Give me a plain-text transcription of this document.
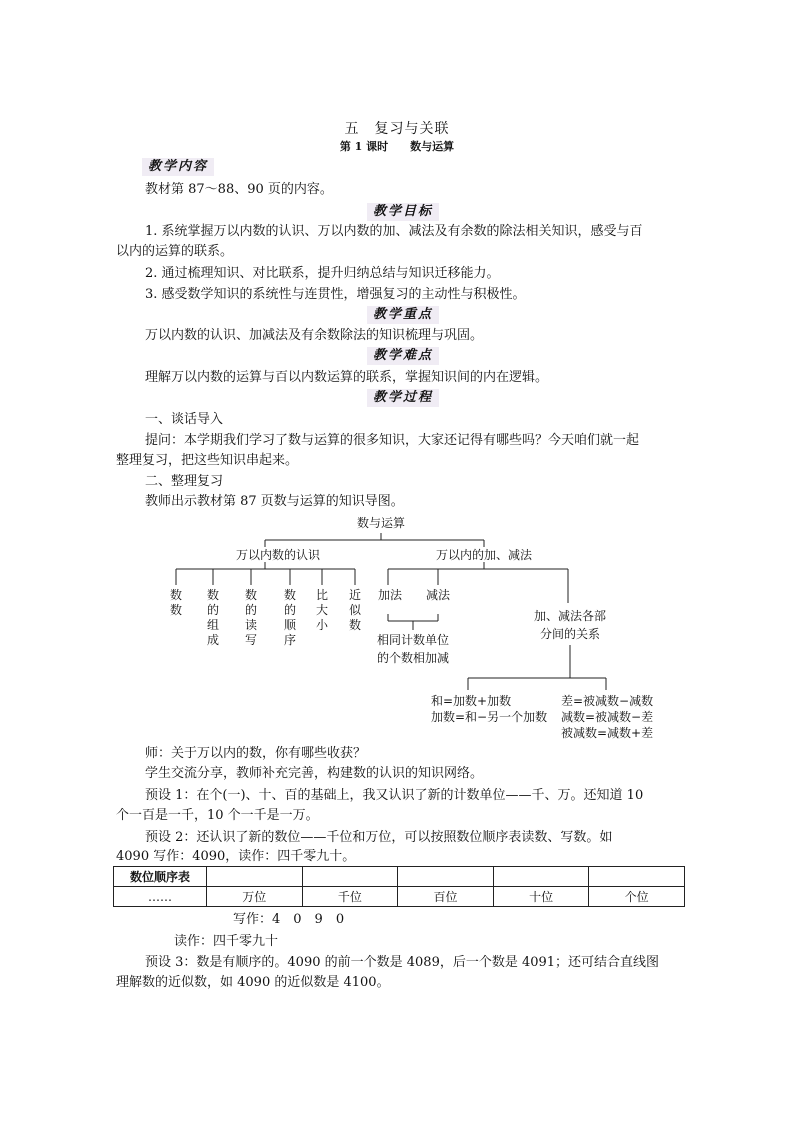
五　复习与关联
第 1 课时　　数与运算
教学内容
教材第 87～88、90 页的内容。
教学目标
1. 系统掌握万以内数的认识、万以内数的加、减法及有余数的除法相关知识，感受与百
以内的运算的联系。
2. 通过梳理知识、对比联系，提升归纳总结与知识迁移能力。
3. 感受数学知识的系统性与连贯性，增强复习的主动性与积极性。
教学重点
万以内数的认识、加减法及有余数除法的知识梳理与巩固。
教学难点
理解万以内数的运算与百以内数运算的联系，掌握知识间的内在逻辑。
教学过程
一、谈话导入
提问：本学期我们学习了数与运算的很多知识，大家还记得有哪些吗？今天咱们就一起
整理复习，把这些知识串起来。
二、整理复习
教师出示教材第 87 页数与运算的知识导图。
数与运算
万以内数的认识	万以内的加、减法
数数
数的组成
数的读写
数的顺序
比大小
近似数
加法 减法
相同计数单位
的个数相加减
加、减法各部
分间的关系
和=加数+加数
加数=和−另一个加数
差=被减数−减数
减数=被减数−差
被减数=减数+差
师：关于万以内的数，你有哪些收获？
学生交流分享，教师补充完善，构建数的认识的知识网络。
预设 1：在个(一)、十、百的基础上，我又认识了新的计数单位——千、万。还知道 10
个一百是一千，10 个一千是一万。
预设 2：还认识了新的数位——千位和万位，可以按照数位顺序表读数、写数。如
4090 写作：4090，读作：四千零九十。
数位顺序表					
……	万位	千位	百位	十位	个位
写作：4　0　9　0
读作：四千零九十
预设 3：数是有顺序的。4090 的前一个数是 4089，后一个数是 4091；还可结合直线图
理解数的近似数，如 4090 的近似数是 4100。
